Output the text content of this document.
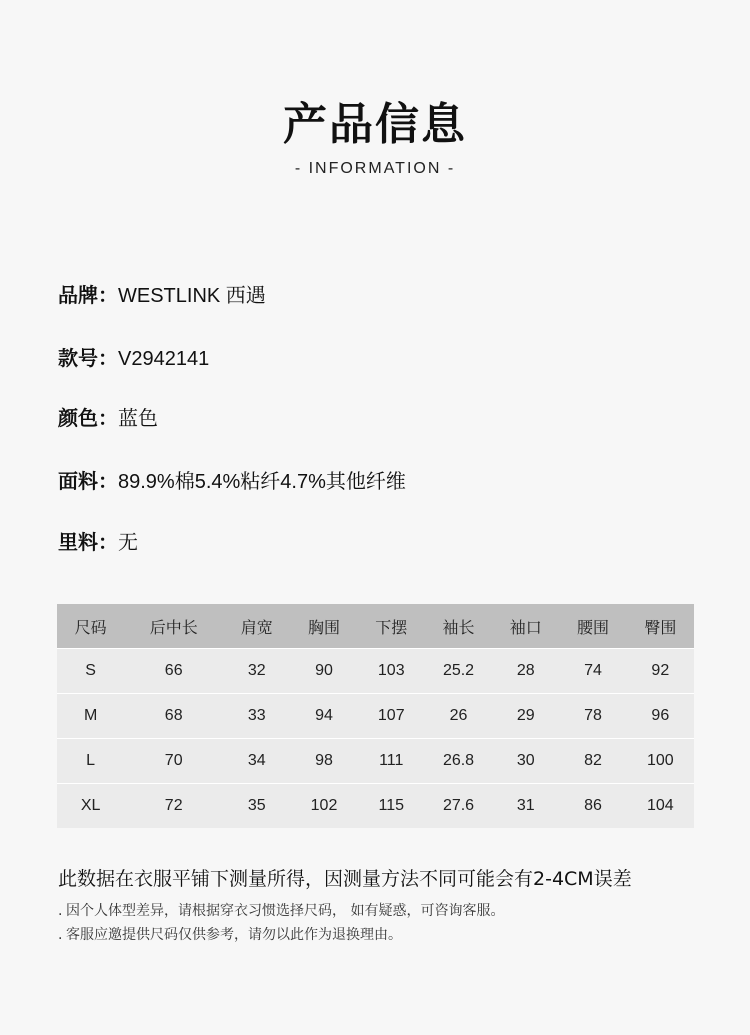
产品信息
- INFORMATION -
品牌：WESTLINK 西遇
款号：V2942141
颜色：蓝色
面料：89.9%棉5.4%粘纤4.7%其他纤维
里料：无
尺码	后中长	肩宽	胸围	下摆	袖长	袖口	腰围	臀围
S	66	32	90	103	25.2	28	74	92
M	68	33	94	107	26	29	78	96
L	70	34	98	111	26.8	30	82	100
XL	72	35	102	115	27.6	31	86	104
此数据在衣服平铺下测量所得，因测量方法不同可能会有2-4CM误差
. 因个人体型差异，请根据穿衣习惯选择尺码， 如有疑惑，可咨询客服。
. 客服应邀提供尺码仅供参考，请勿以此作为退换理由。
